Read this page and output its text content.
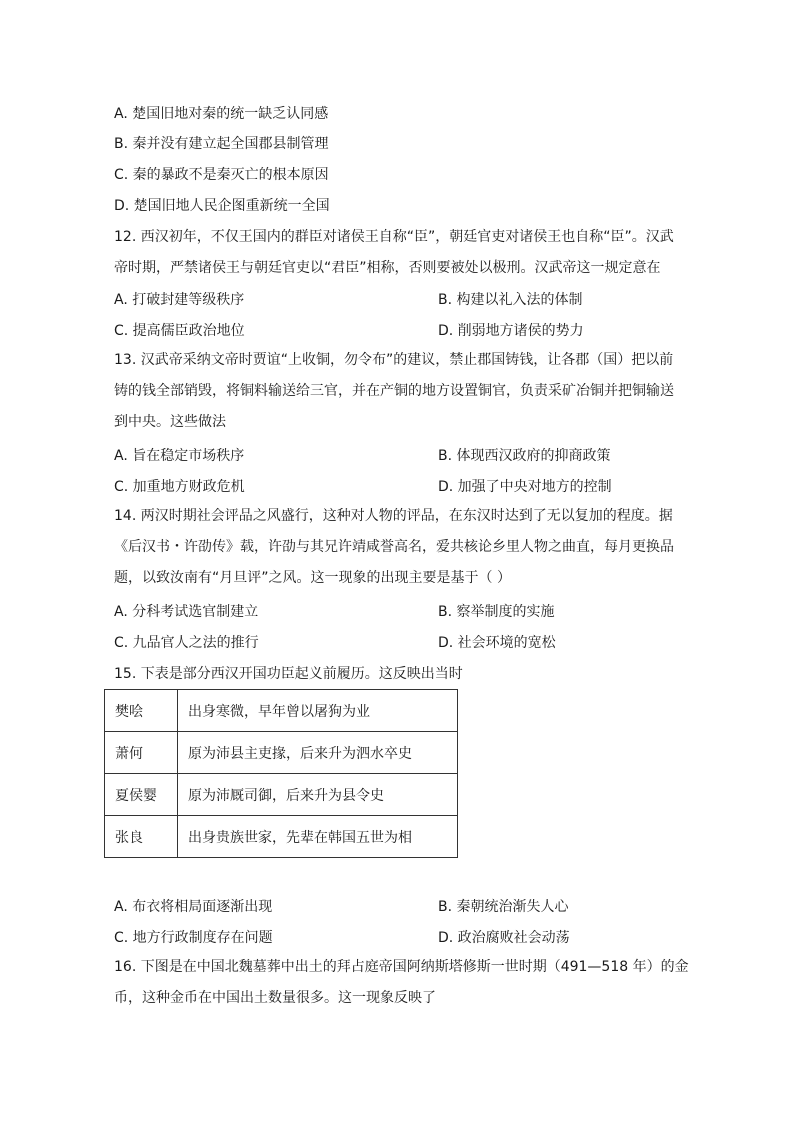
A. 楚国旧地对秦的统一缺乏认同感
B. 秦并没有建立起全国郡县制管理
C. 秦的暴政不是秦灭亡的根本原因
D. 楚国旧地人民企图重新统一全国
12. 西汉初年，不仅王国内的群臣对诸侯王自称“臣”，朝廷官吏对诸侯王也自称“臣”。汉武
帝时期，严禁诸侯王与朝廷官吏以“君臣”相称，否则要被处以极刑。汉武帝这一规定意在
A. 打破封建等级秩序	B. 构建以礼入法的体制
C. 提高儒臣政治地位	D. 削弱地方诸侯的势力
13. 汉武帝采纳文帝时贾谊“上收铜，勿令布”的建议，禁止郡国铸钱，让各郡（国）把以前
铸的钱全部销毁，将铜料输送给三官，并在产铜的地方设置铜官，负责采矿冶铜并把铜输送
到中央。这些做法
A. 旨在稳定市场秩序	B. 体现西汉政府的抑商政策
C. 加重地方财政危机	D. 加强了中央对地方的控制
14. 两汉时期社会评品之风盛行，这种对人物的评品，在东汉时达到了无以复加的程度。据
《后汉书・许劭传》载，许劭与其兄许靖咸誉高名，爱共核论乡里人物之曲直，每月更换品
题，以致汝南有“月旦评”之风。这一现象的出现主要是基于（ ）
A. 分科考试选官制建立	B. 察举制度的实施
C. 九品官人之法的推行	D. 社会环境的宽松
15. 下表是部分西汉开国功臣起义前履历。这反映出当时
樊哙	出身寒微，早年曾以屠狗为业
萧何	原为沛县主吏掾，后来升为泗水卒史
夏侯婴	原为沛厩司御，后来升为县令史
张良	出身贵族世家，先辈在韩国五世为相
A. 布衣将相局面逐渐出现	B. 秦朝统治渐失人心
C. 地方行政制度存在问题	D. 政治腐败社会动荡
16. 下图是在中国北魏墓葬中出土的拜占庭帝国阿纳斯塔修斯一世时期（491—518 年）的金
币，这种金币在中国出土数量很多。这一现象反映了
